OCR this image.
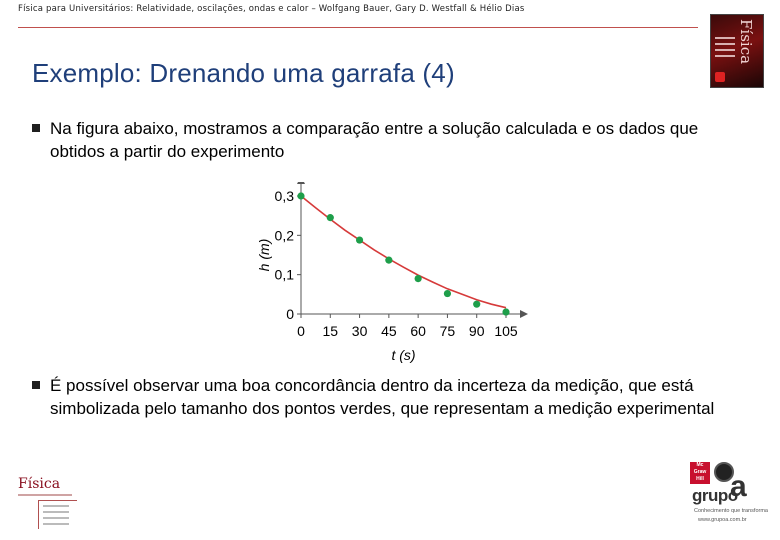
Física para Universitários: Relatividade, oscilações, ondas e calor – Wolfgang Bauer, Gary D. Westfall & Hélio Dias
Física
Exemplo: Drenando uma garrafa (4)
Na figura abaixo, mostramos a comparação entre a solução calculada e os dados que obtidos a partir do experimento
0 15 30 45 60 75 90 105
0
0,1
0,2
0,3
t (s)
h (m)
É possível observar uma boa concordância dentro da incerteza da medição, que está simbolizada pelo tamanho dos pontos verdes, que representam a medição experimental
Física
Mc Graw Hill
grupo
a
Conhecimento que transforma
www.grupoa.com.br
